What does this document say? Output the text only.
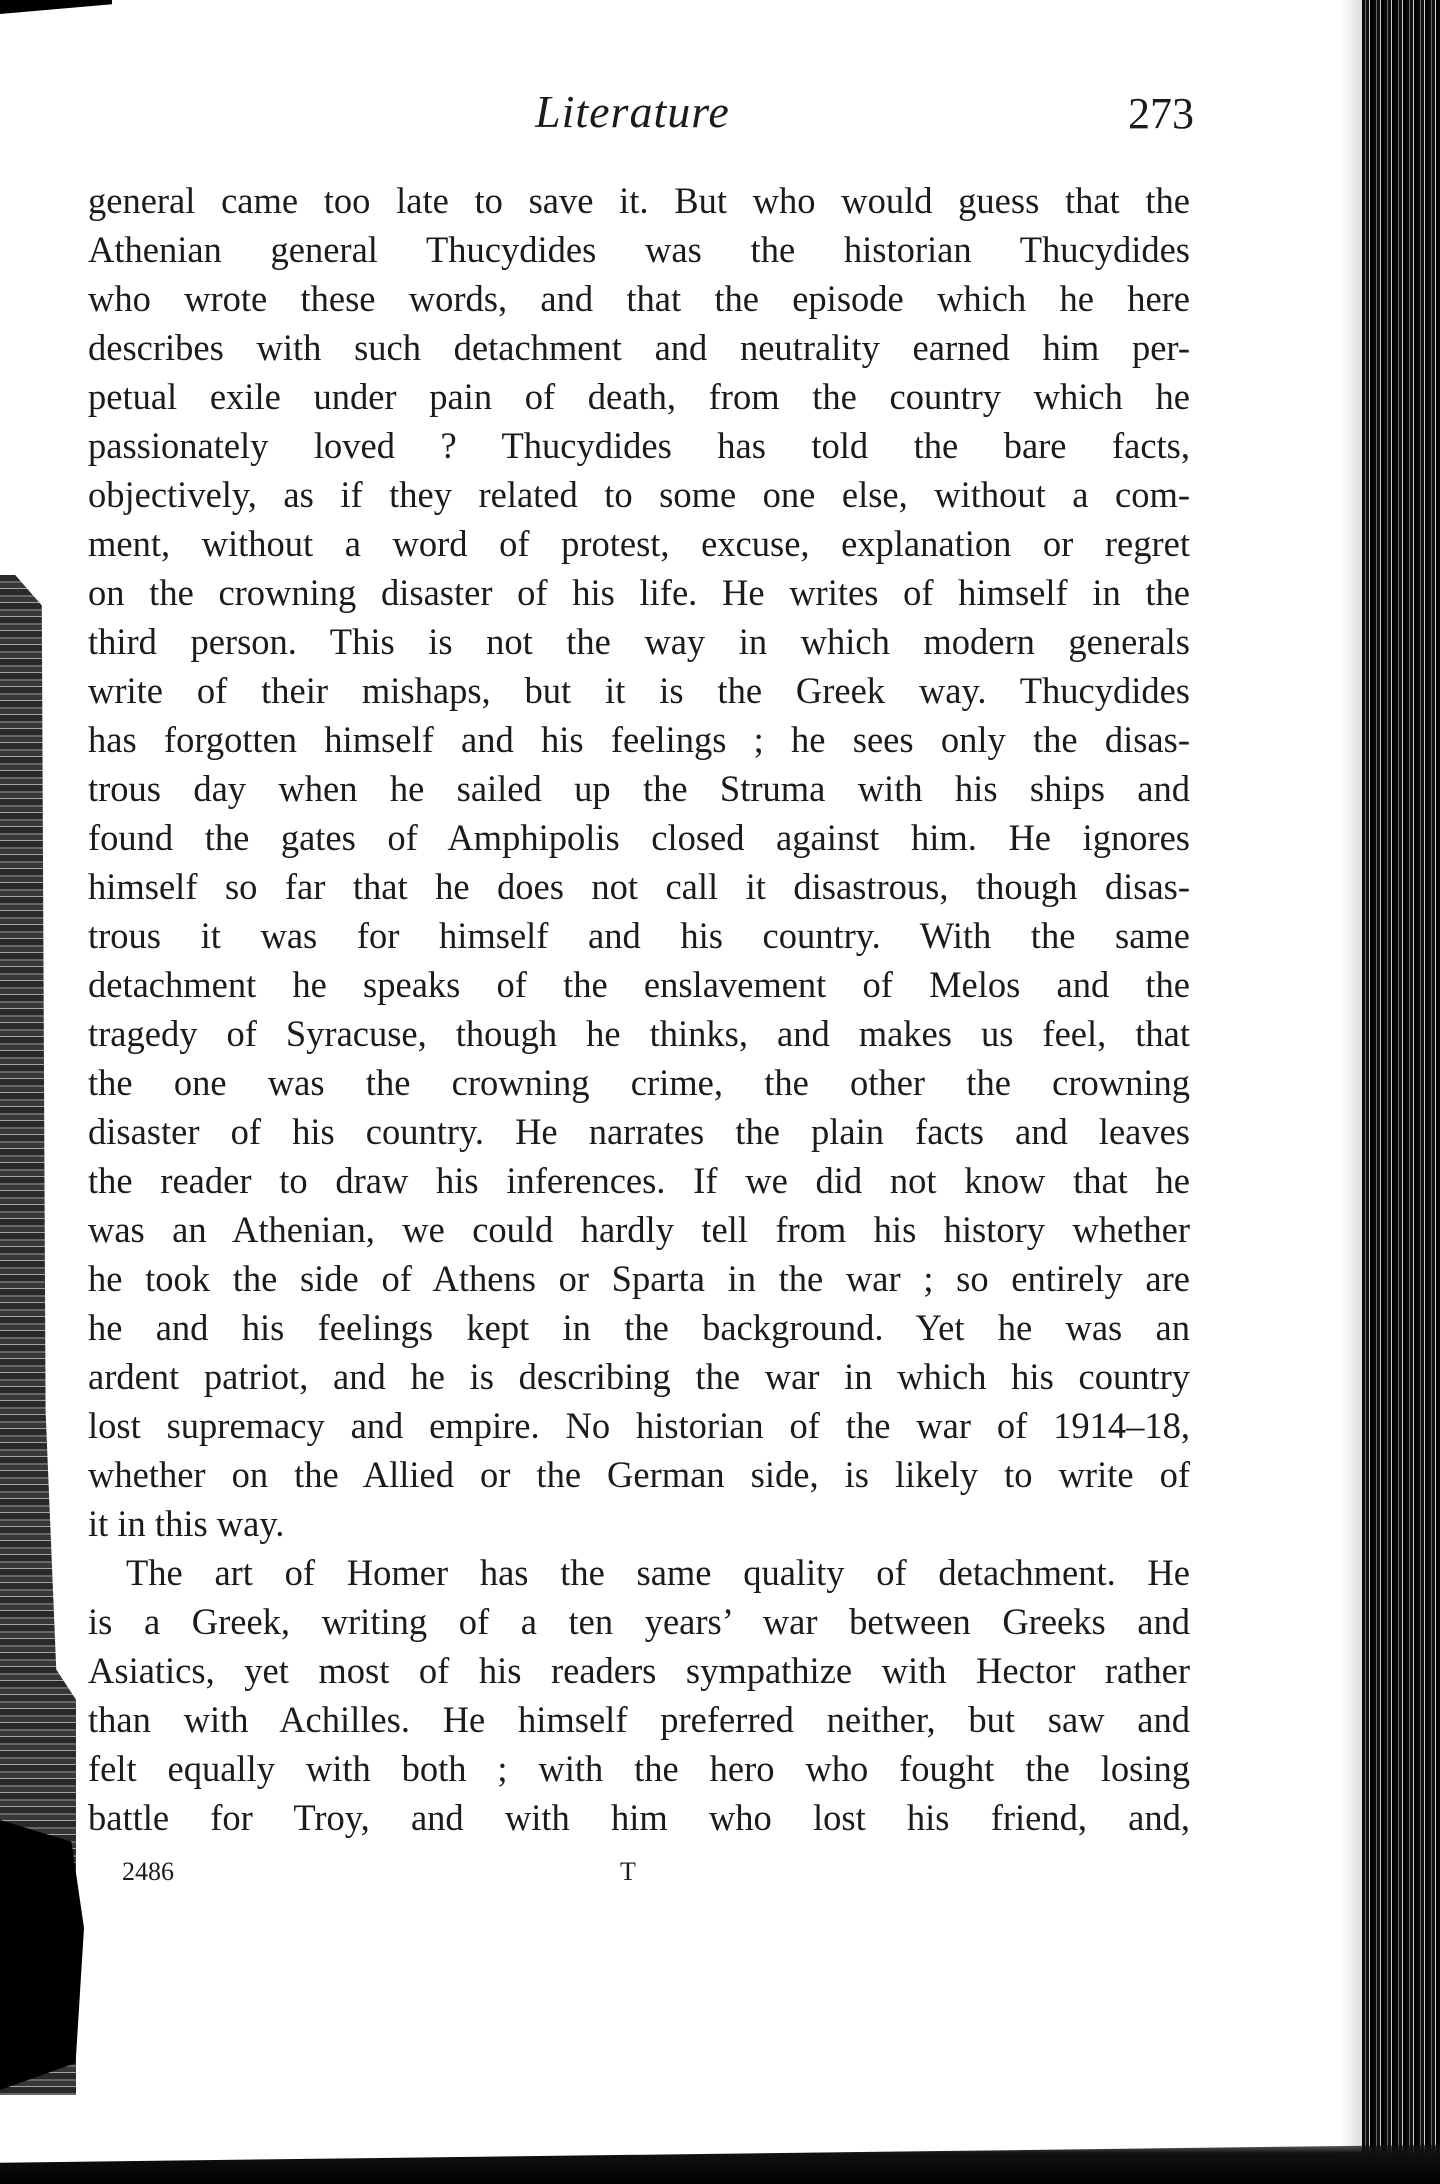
Literature	273
general came too late to save it. But who would guess that the
Athenian general Thucydides was the historian Thucydides
who wrote these words, and that the episode which he here
describes with such detachment and neutrality earned him per-
petual exile under pain of death, from the country which he
passionately loved ? Thucydides has told the bare facts,
objectively, as if they related to some one else, without a com-
ment, without a word of protest, excuse, explanation or regret
on the crowning disaster of his life. He writes of himself in the
third person. This is not the way in which modern generals
write of their mishaps, but it is the Greek way. Thucydides
has forgotten himself and his feelings ; he sees only the disas-
trous day when he sailed up the Struma with his ships and
found the gates of Amphipolis closed against him. He ignores
himself so far that he does not call it disastrous, though disas-
trous it was for himself and his country. With the same
detachment he speaks of the enslavement of Melos and the
tragedy of Syracuse, though he thinks, and makes us feel, that
the one was the crowning crime, the other the crowning
disaster of his country. He narrates the plain facts and leaves
the reader to draw his inferences. If we did not know that he
was an Athenian, we could hardly tell from his history whether
he took the side of Athens or Sparta in the war ; so entirely are
he and his feelings kept in the background. Yet he was an
ardent patriot, and he is describing the war in which his country
lost supremacy and empire. No historian of the war of 1914–18,
whether on the Allied or the German side, is likely to write of
it in this way.
The art of Homer has the same quality of detachment. He
is a Greek, writing of a ten years’ war between Greeks and
Asiatics, yet most of his readers sympathize with Hector rather
than with Achilles. He himself preferred neither, but saw and
felt equally with both ; with the hero who fought the losing
battle for Troy, and with him who lost his friend, and,
2486	T
